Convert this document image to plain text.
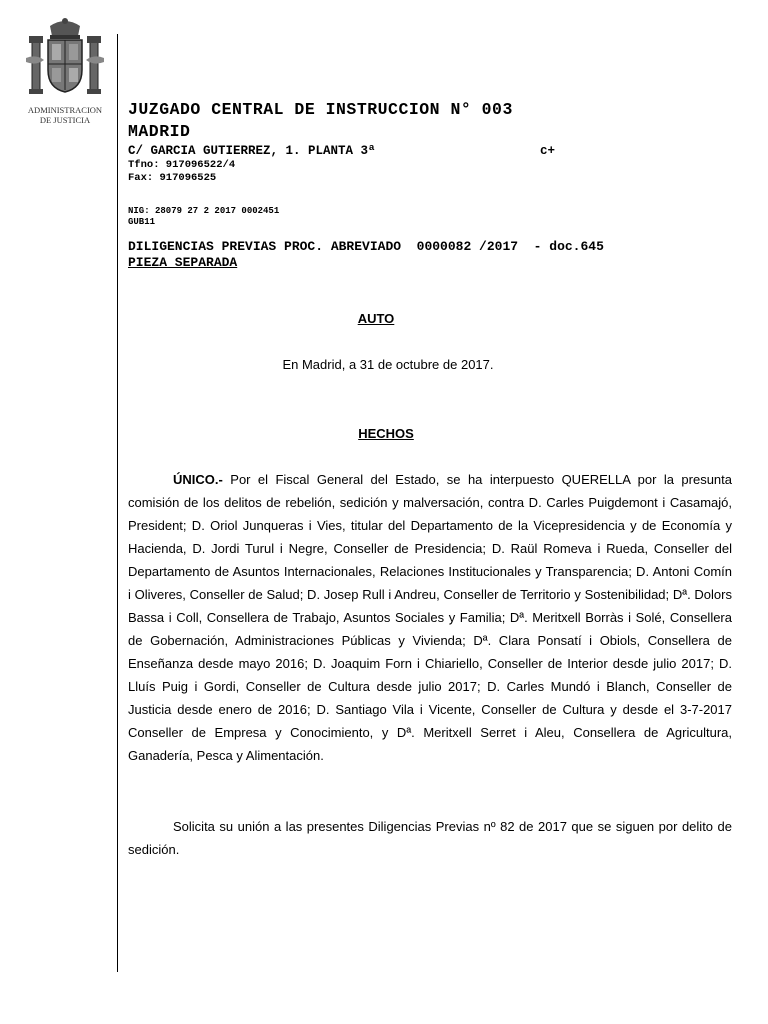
ADMINISTRACION
DE JUSTICIA
JUZGADO CENTRAL DE INSTRUCCION N° 003
MADRID
C/ GARCIA GUTIERREZ, 1. PLANTA 3ª	c+
Tfno: 917096522/4
Fax: 917096525
NIG: 28079 27 2 2017 0002451
GUB11
DILIGENCIAS PREVIAS PROC. ABREVIADO  0000082 /2017  - doc.645
PIEZA SEPARADA
AUTO
En Madrid, a 31 de octubre de 2017.
HECHOS
ÚNICO.- Por el Fiscal General del Estado, se ha interpuesto QUERELLA por la presunta comisión de los delitos de rebelión, sedición y malversación, contra D. Carles Puigdemont i Casamajó, President; D. Oriol Junqueras i Vies, titular del Departamento de la Vicepresidencia y de Economía y Hacienda, D. Jordi Turul i Negre, Conseller de Presidencia; D. Raül Romeva i Rueda, Conseller del Departamento de Asuntos Internacionales, Relaciones Institucionales y Transparencia; D. Antoni Comín i Oliveres, Conseller de Salud; D. Josep Rull i Andreu, Conseller de Territorio y Sostenibilidad; Dª. Dolors Bassa i Coll, Consellera de Trabajo, Asuntos Sociales y Familia; Dª. Meritxell Borràs i Solé, Consellera de Gobernación, Administraciones Públicas y Vivienda; Dª. Clara Ponsatí i Obiols, Consellera de Enseñanza desde mayo 2016; D. Joaquim Forn i Chiariello, Conseller de Interior desde julio 2017; D. Lluís Puig i Gordi, Conseller de Cultura desde julio 2017; D. Carles Mundó i Blanch, Conseller de Justicia desde enero de 2016; D. Santiago Vila i Vicente, Conseller de Cultura y desde el 3-7-2017 Conseller de Empresa y Conocimiento, y Dª. Meritxell Serret i Aleu, Consellera de Agricultura, Ganadería, Pesca y Alimentación.
Solicita su unión a las presentes Diligencias Previas nº 82 de 2017 que se siguen por delito de sedición.
